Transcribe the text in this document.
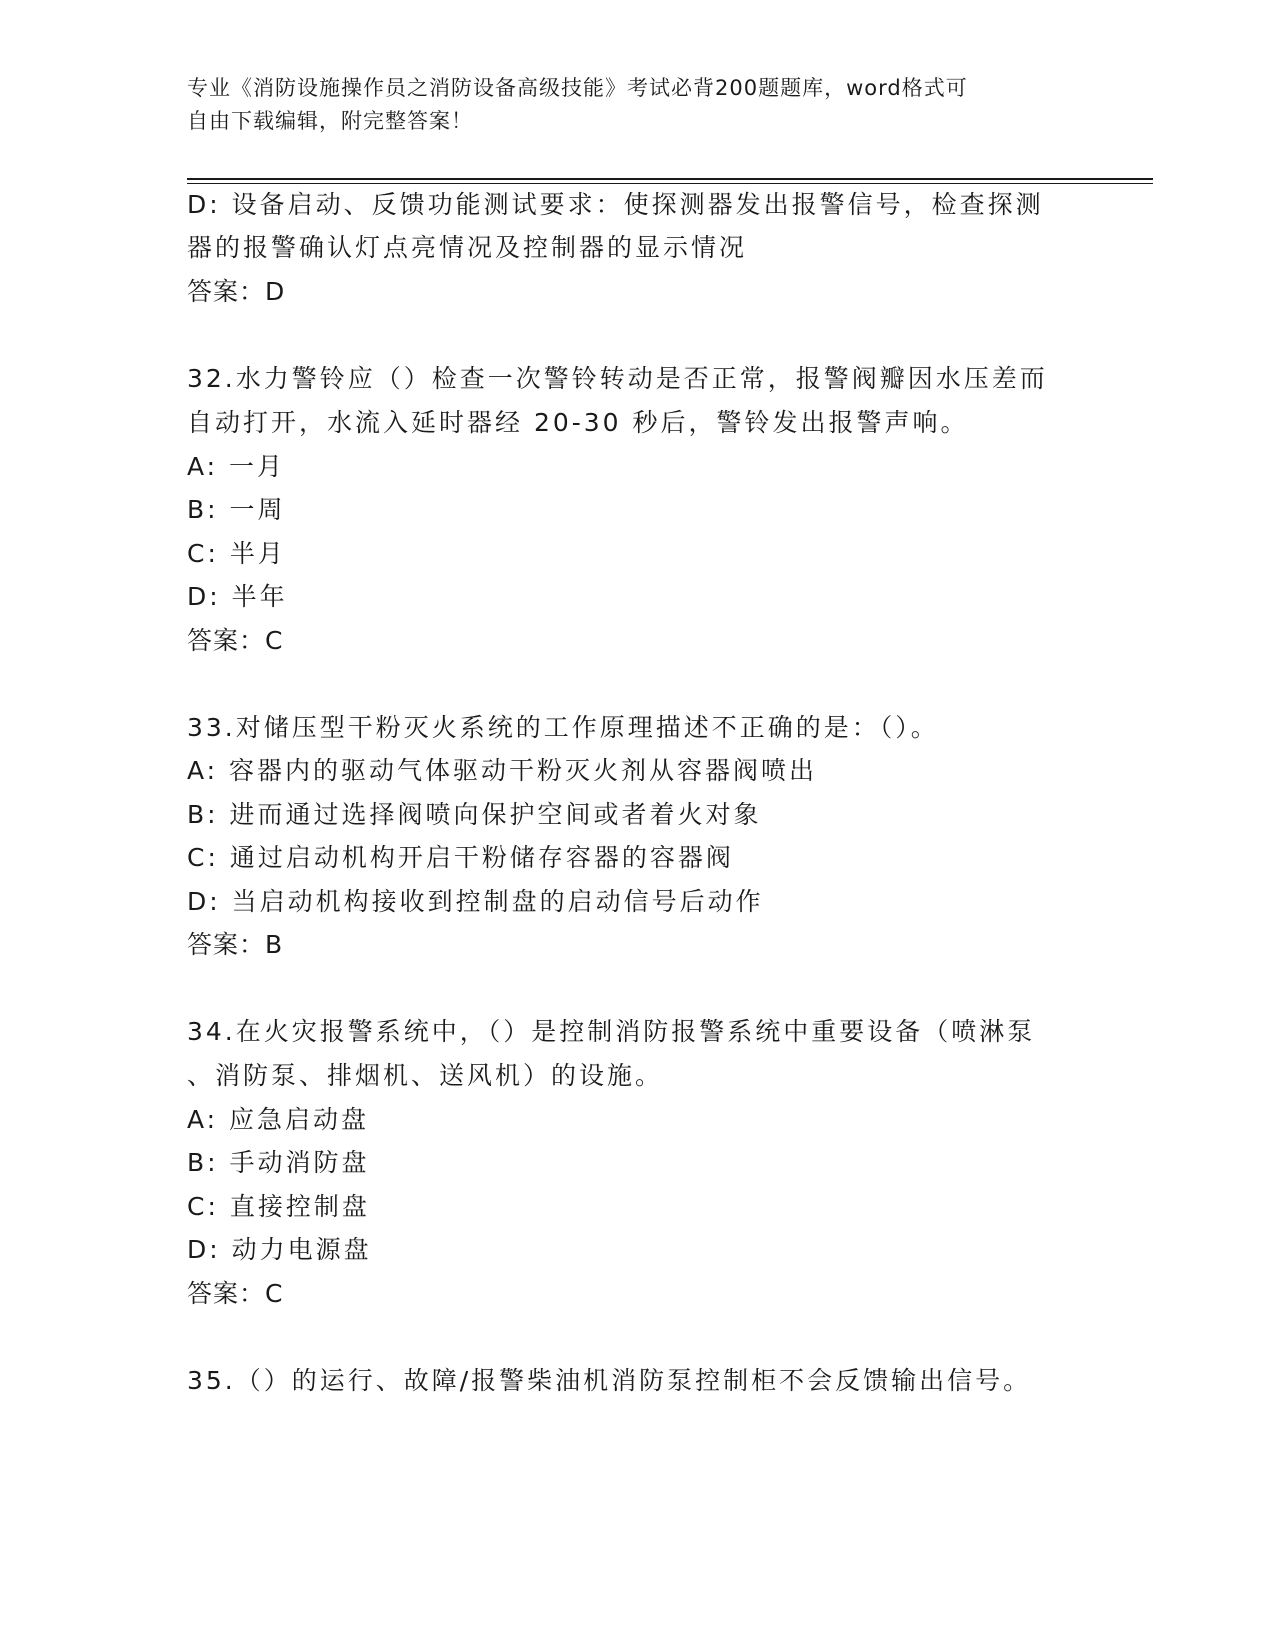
专业《消防设施操作员之消防设备高级技能》考试必背200题题库，word格式可
自由下载编辑，附完整答案！
D: 设备启动、反馈功能测试要求：使探测器发出报警信号，检查探测
器的报警确认灯点亮情况及控制器的显示情况
答案：D
32.水力警铃应（）检查一次警铃转动是否正常，报警阀瓣因水压差而
自动打开，水流入延时器经 20-30 秒后，警铃发出报警声响。
A: 一月
B: 一周
C: 半月
D: 半年
答案：C
33.对储压型干粉灭火系统的工作原理描述不正确的是：（）。
A: 容器内的驱动气体驱动干粉灭火剂从容器阀喷出
B: 进而通过选择阀喷向保护空间或者着火对象
C: 通过启动机构开启干粉储存容器的容器阀
D: 当启动机构接收到控制盘的启动信号后动作
答案：B
34.在火灾报警系统中，（）是控制消防报警系统中重要设备（喷淋泵
、消防泵、排烟机、送风机）的设施。
A: 应急启动盘
B: 手动消防盘
C: 直接控制盘
D: 动力电源盘
答案：C
35.（）的运行、故障/报警柴油机消防泵控制柜不会反馈输出信号。
